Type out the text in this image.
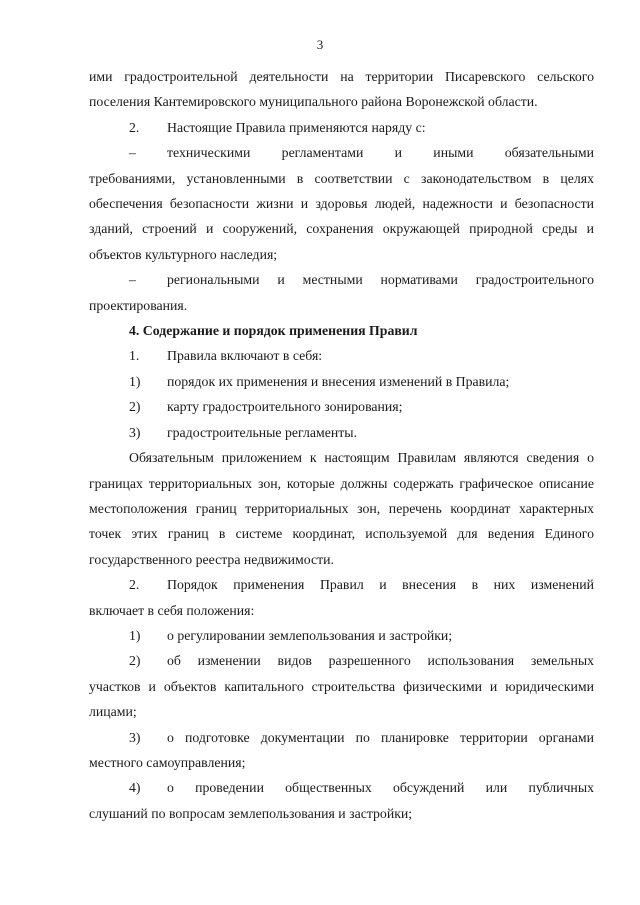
3

ими градостроительной деятельности на территории Писаревского сельского поселения Кантемировского муниципального района Воронежской области.

2.	Настоящие Правила применяются наряду с:
–	техническими регламентами и иными обязательными

требованиями, установленными в соответствии с законодательством в целях обеспечения безопасности жизни и здоровья людей, надежности и безопасности зданий, строений и сооружений, сохранения окружающей природной среды и объектов культурного наследия;

–	региональными и местными нормативами градостроительного

проектирования.

4. Содержание и порядок применения Правил

1.	Правила включают в себя:
1)	порядок их применения и внесения изменений в Правила;
2)	карту градостроительного зонирования;
3)	градостроительные регламенты.

Обязательным приложением к настоящим Правилам являются сведения о границах территориальных зон, которые должны содержать графическое описание местоположения границ территориальных зон, перечень координат характерных точек этих границ в системе координат, используемой для ведения Единого государственного реестра недвижимости.

2.	Порядок применения Правил и внесения в них изменений

включает в себя положения:

1)	о регулировании землепользования и застройки;
2)	об изменении видов разрешенного использования земельных

участков и объектов капитального строительства физическими и юридическими лицами;

3)	о подготовке документации по планировке территории органами

местного самоуправления;

4)	о проведении общественных обсуждений или публичных

слушаний по вопросам землепользования и застройки;
